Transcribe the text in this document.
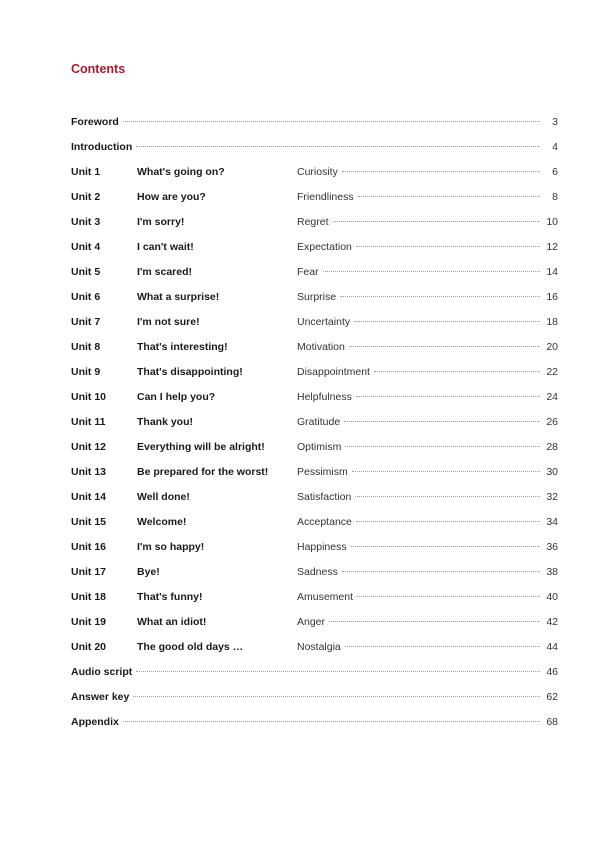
Contents
Foreword	3
Introduction	4
Unit 1	What's going on?	Curiosity	6
Unit 2	How are you?	Friendliness	8
Unit 3	I'm sorry!	Regret	10
Unit 4	I can't wait!	Expectation	12
Unit 5	I'm scared!	Fear	14
Unit 6	What a surprise!	Surprise	16
Unit 7	I'm not sure!	Uncertainty	18
Unit 8	That's interesting!	Motivation	20
Unit 9	That's disappointing!	Disappointment	22
Unit 10	Can I help you?	Helpfulness	24
Unit 11	Thank you!	Gratitude	26
Unit 12	Everything will be alright!	Optimism	28
Unit 13	Be prepared for the worst!	Pessimism	30
Unit 14	Well done!	Satisfaction	32
Unit 15	Welcome!	Acceptance	34
Unit 16	I'm so happy!	Happiness	36
Unit 17	Bye!	Sadness	38
Unit 18	That's funny!	Amusement	40
Unit 19	What an idiot!	Anger	42
Unit 20	The good old days …	Nostalgia	44
Audio script	46
Answer key	62
Appendix	68
